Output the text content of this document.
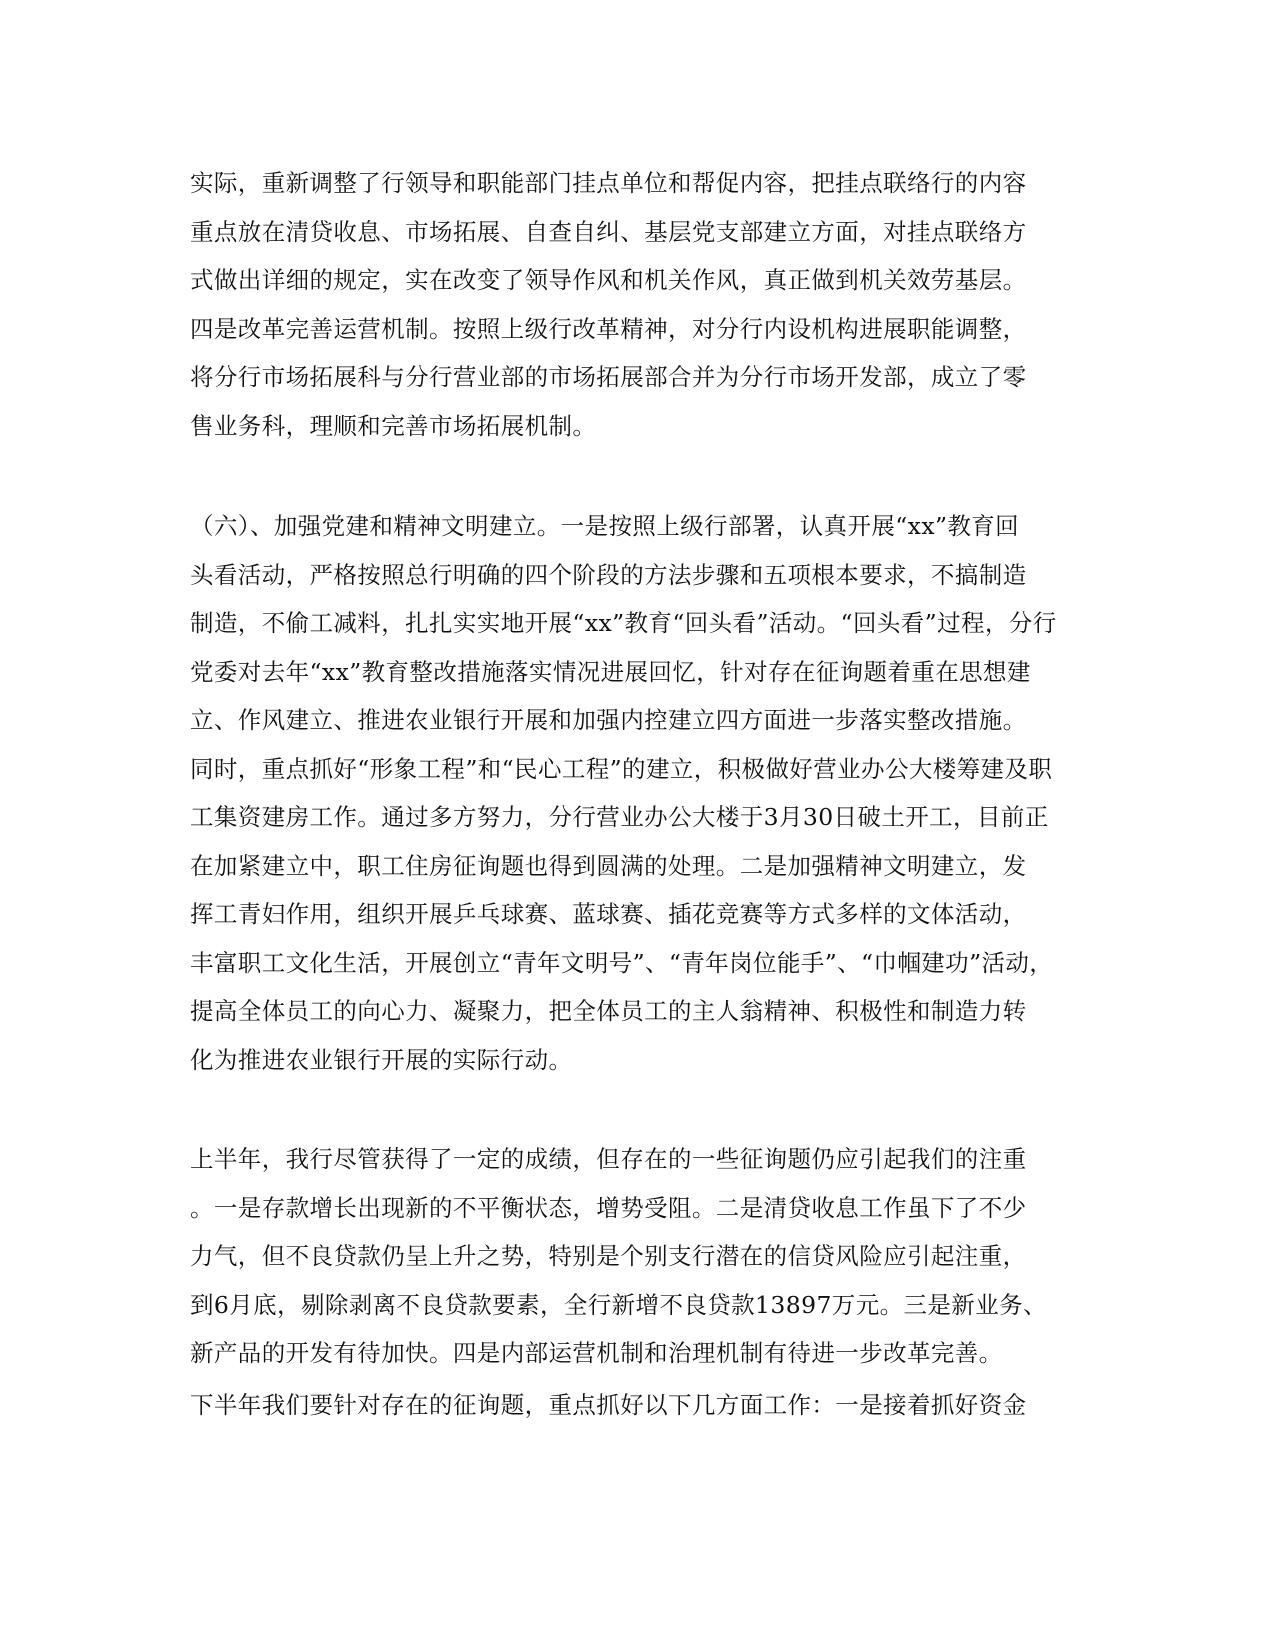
实际，重新调整了行领导和职能部门挂点单位和帮促内容，把挂点联络行的内容
重点放在清贷收息、市场拓展、自查自纠、基层党支部建立方面，对挂点联络方
式做出详细的规定，实在改变了领导作风和机关作风，真正做到机关效劳基层。
四是改革完善运营机制。按照上级行改革精神，对分行内设机构进展职能调整，
将分行市场拓展科与分行营业部的市场拓展部合并为分行市场开发部，成立了零
售业务科，理顺和完善市场拓展机制。
（六）、加强党建和精神文明建立。一是按照上级行部署，认真开展“xx”教育回
头看活动，严格按照总行明确的四个阶段的方法步骤和五项根本要求，不搞制造
制造，不偷工减料，扎扎实实地开展“xx”教育“回头看”活动。“回头看”过程，分行
党委对去年“xx”教育整改措施落实情况进展回忆，针对存在征询题着重在思想建
立、作风建立、推进农业银行开展和加强内控建立四方面进一步落实整改措施。
同时，重点抓好“形象工程”和“民心工程”的建立，积极做好营业办公大楼筹建及职
工集资建房工作。通过多方努力，分行营业办公大楼于3月30日破土开工，目前正
在加紧建立中，职工住房征询题也得到圆满的处理。二是加强精神文明建立，发
挥工青妇作用，组织开展乒乓球赛、蓝球赛、插花竞赛等方式多样的文体活动，
丰富职工文化生活，开展创立“青年文明号”、“青年岗位能手”、“巾帼建功”活动，
提高全体员工的向心力、凝聚力，把全体员工的主人翁精神、积极性和制造力转
化为推进农业银行开展的实际行动。
上半年，我行尽管获得了一定的成绩，但存在的一些征询题仍应引起我们的注重
。一是存款增长出现新的不平衡状态，增势受阻。二是清贷收息工作虽下了不少
力气，但不良贷款仍呈上升之势，特别是个别支行潜在的信贷风险应引起注重，
到6月底，剔除剥离不良贷款要素，全行新增不良贷款13897万元。三是新业务、
新产品的开发有待加快。四是内部运营机制和治理机制有待进一步改革完善。
下半年我们要针对存在的征询题，重点抓好以下几方面工作：一是接着抓好资金
